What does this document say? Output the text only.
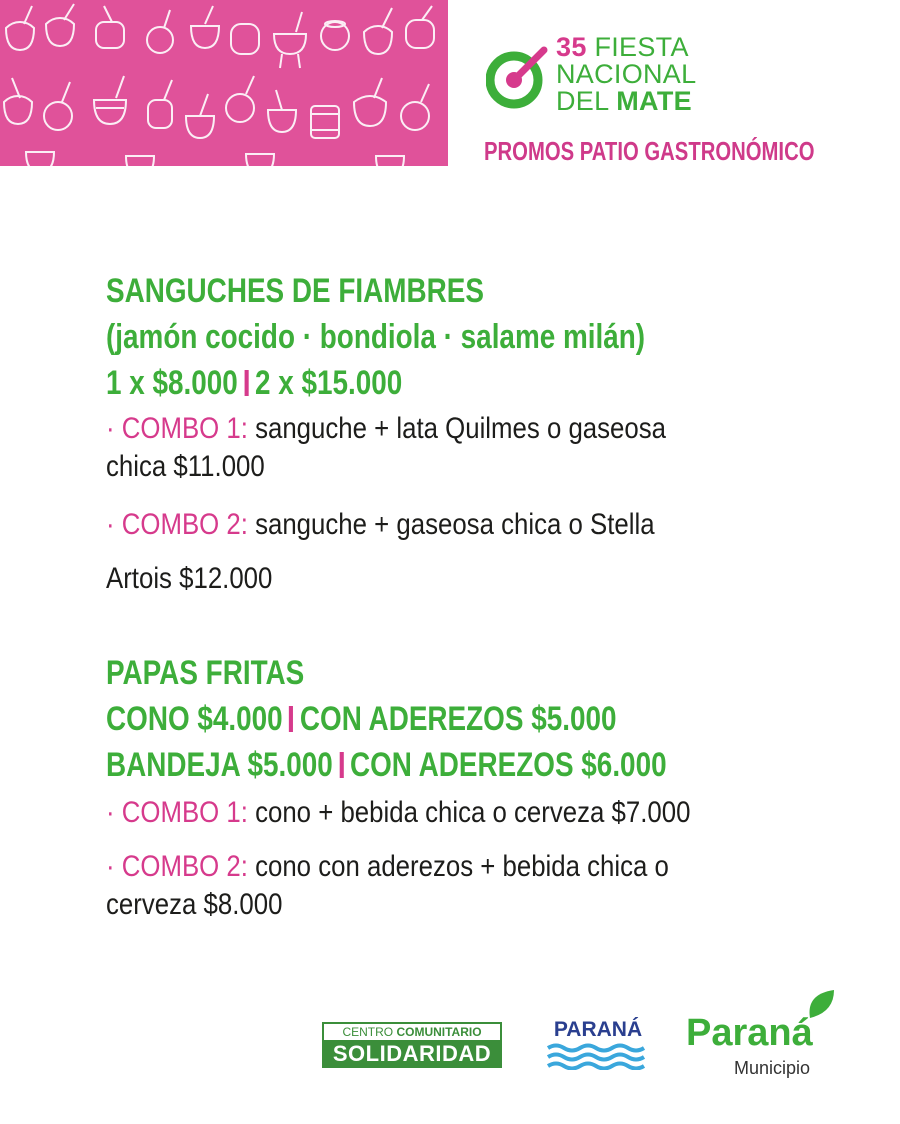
35 FIESTA
NACIONAL
DEL MATE
PROMOS PATIO GASTRONÓMICO
SANGUCHES DE FIAMBRES
(jamón cocido · bondiola · salame milán)
1 x $8.000 2 x $15.000
· COMBO 1: sanguche + lata Quilmes o gaseosa
chica $11.000
· COMBO 2: sanguche + gaseosa chica o Stella
Artois $12.000
PAPAS FRITAS
CONO $4.000 CON ADEREZOS $5.000
BANDEJA $5.000 CON ADEREZOS $6.000
· COMBO 1: cono + bebida chica o cerveza $7.000
· COMBO 2: cono con aderezos + bebida chica o
cerveza $8.000
CENTRO COMUNITARIO
SOLIDARIDAD
PARANÁ Paraná
Municipio
